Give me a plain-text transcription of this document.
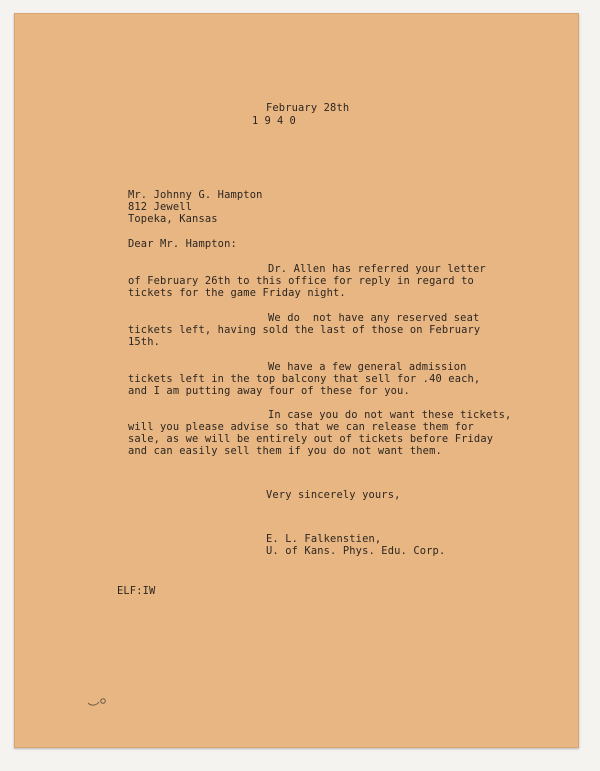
February 28th
1 9 4 0
Mr. Johnny G. Hampton
812 Jewell
Topeka, Kansas
Dear Mr. Hampton:
Dr. Allen has referred your letter
of February 26th to this office for reply in regard to
tickets for the game Friday night.
We do  not have any reserved seat
tickets left, having sold the last of those on February
15th.
We have a few general admission
tickets left in the top balcony that sell for .40 each,
and I am putting away four of these for you.
In case you do not want these tickets,
will you please advise so that we can release them for
sale, as we will be entirely out of tickets before Friday
and can easily sell them if you do not want them.
Very sincerely yours,
E. L. Falkenstien,
U. of Kans. Phys. Edu. Corp.
ELF:IW
